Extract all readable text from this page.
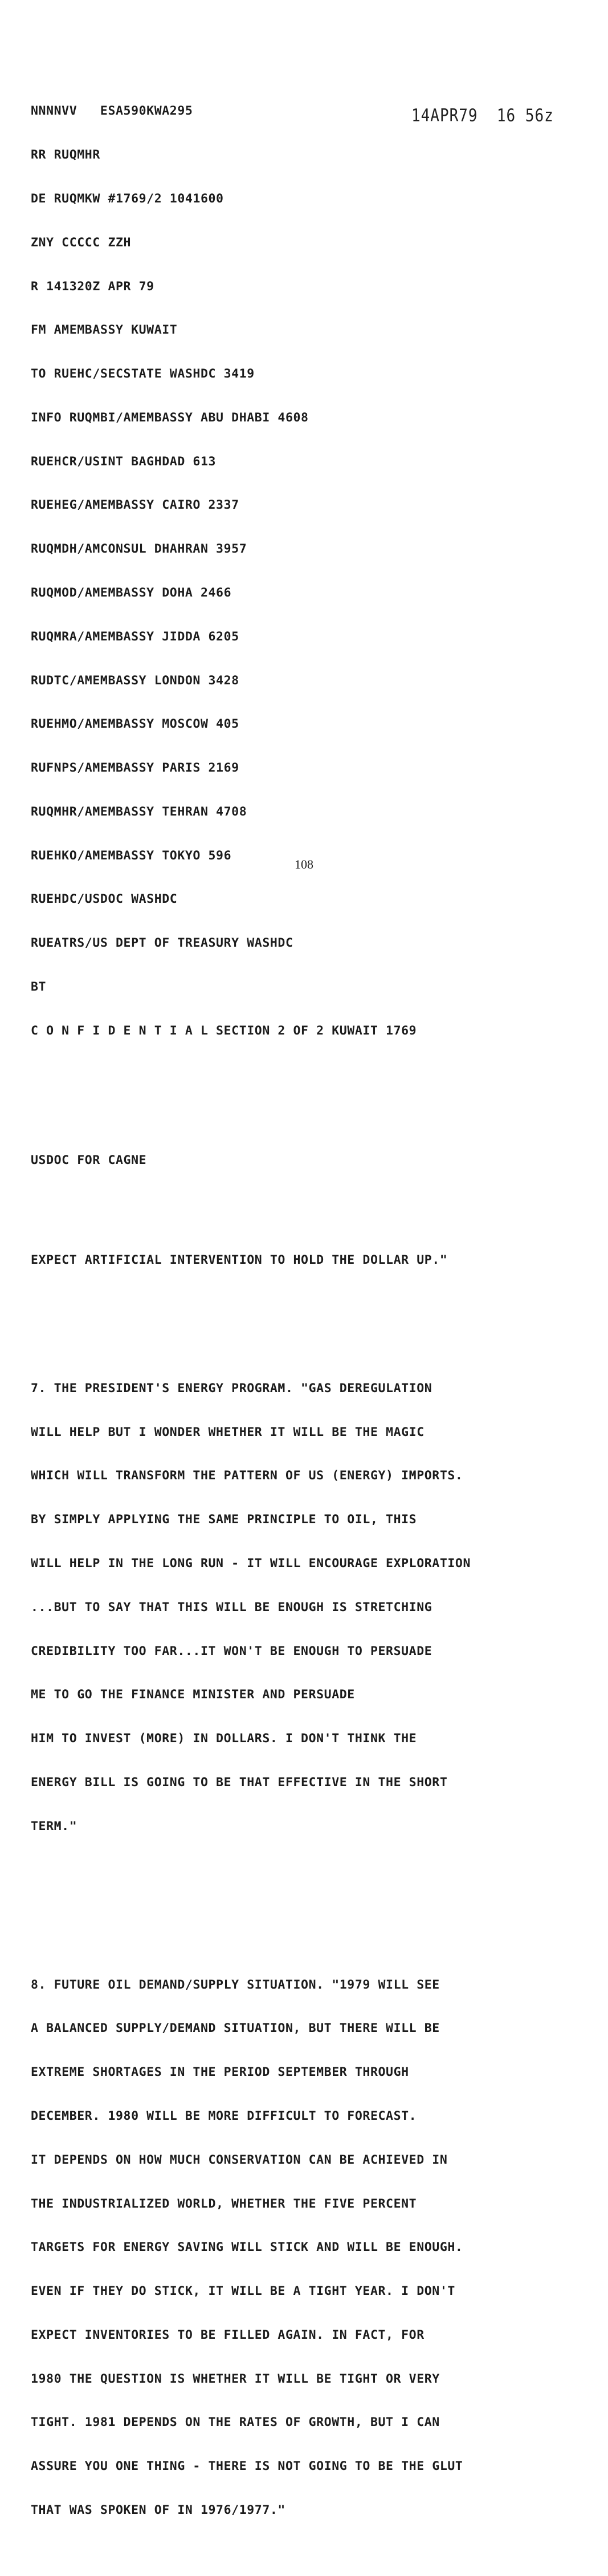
14APR79  16 56z

NNNNVV   ESA590KWA295

RR RUQMHR

DE RUQMKW #1769/2 1041600

ZNY CCCCC ZZH

R 141320Z APR 79

FM AMEMBASSY KUWAIT

TO RUEHC/SECSTATE WASHDC 3419

INFO RUQMBI/AMEMBASSY ABU DHABI 4608

RUEHCR/USINT BAGHDAD 613

RUEHEG/AMEMBASSY CAIRO 2337

RUQMDH/AMCONSUL DHAHRAN 3957

RUQMOD/AMEMBASSY DOHA 2466

RUQMRA/AMEMBASSY JIDDA 6205

RUDTC/AMEMBASSY LONDON 3428

RUEHMO/AMEMBASSY MOSCOW 405

RUFNPS/AMEMBASSY PARIS 2169

RUQMHR/AMEMBASSY TEHRAN 4708

RUEHKO/AMEMBASSY TOKYO 596

RUEHDC/USDOC WASHDC

RUEATRS/US DEPT OF TREASURY WASHDC

BT

C O N F I D E N T I A L SECTION 2 OF 2 KUWAIT 1769

USDOC FOR CAGNE

EXPECT ARTIFICIAL INTERVENTION TO HOLD THE DOLLAR UP."

7. THE PRESIDENT'S ENERGY PROGRAM. "GAS DEREGULATION

WILL HELP BUT I WONDER WHETHER IT WILL BE THE MAGIC

WHICH WILL TRANSFORM THE PATTERN OF US (ENERGY) IMPORTS.

BY SIMPLY APPLYING THE SAME PRINCIPLE TO OIL, THIS

WILL HELP IN THE LONG RUN - IT WILL ENCOURAGE EXPLORATION

...BUT TO SAY THAT THIS WILL BE ENOUGH IS STRETCHING

CREDIBILITY TOO FAR...IT WON'T BE ENOUGH TO PERSUADE

ME TO GO THE FINANCE MINISTER AND PERSUADE

HIM TO INVEST (MORE) IN DOLLARS. I DON'T THINK THE

ENERGY BILL IS GOING TO BE THAT EFFECTIVE IN THE SHORT

TERM."

8. FUTURE OIL DEMAND/SUPPLY SITUATION. "1979 WILL SEE

A BALANCED SUPPLY/DEMAND SITUATION, BUT THERE WILL BE

EXTREME SHORTAGES IN THE PERIOD SEPTEMBER THROUGH

DECEMBER. 1980 WILL BE MORE DIFFICULT TO FORECAST.

IT DEPENDS ON HOW MUCH CONSERVATION CAN BE ACHIEVED IN

THE INDUSTRIALIZED WORLD, WHETHER THE FIVE PERCENT

TARGETS FOR ENERGY SAVING WILL STICK AND WILL BE ENOUGH.

EVEN IF THEY DO STICK, IT WILL BE A TIGHT YEAR. I DON'T

EXPECT INVENTORIES TO BE FILLED AGAIN. IN FACT, FOR

1980 THE QUESTION IS WHETHER IT WILL BE TIGHT OR VERY

TIGHT. 1981 DEPENDS ON THE RATES OF GROWTH, BUT I CAN

ASSURE YOU ONE THING - THERE IS NOT GOING TO BE THE GLUT

THAT WAS SPOKEN OF IN 1976/1977."

108
